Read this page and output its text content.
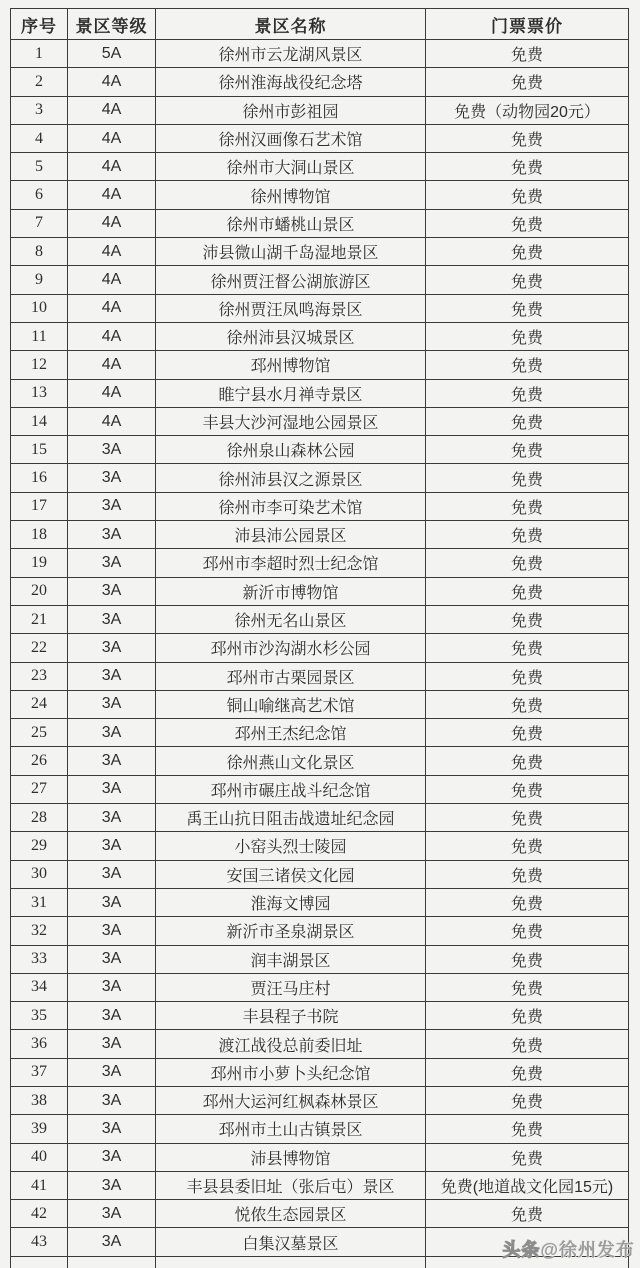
序号	景区等级	景区名称	门票票价
1	5A	徐州市云龙湖风景区	免费
2	4A	徐州淮海战役纪念塔	免费
3	4A	徐州市彭祖园	免费（动物园20元）
4	4A	徐州汉画像石艺术馆	免费
5	4A	徐州市大洞山景区	免费
6	4A	徐州博物馆	免费
7	4A	徐州市蟠桃山景区	免费
8	4A	沛县微山湖千岛湿地景区	免费
9	4A	徐州贾汪督公湖旅游区	免费
10	4A	徐州贾汪凤鸣海景区	免费
11	4A	徐州沛县汉城景区	免费
12	4A	邳州博物馆	免费
13	4A	睢宁县水月禅寺景区	免费
14	4A	丰县大沙河湿地公园景区	免费
15	3A	徐州泉山森林公园	免费
16	3A	徐州沛县汉之源景区	免费
17	3A	徐州市李可染艺术馆	免费
18	3A	沛县沛公园景区	免费
19	3A	邳州市李超时烈士纪念馆	免费
20	3A	新沂市博物馆	免费
21	3A	徐州无名山景区	免费
22	3A	邳州市沙沟湖水杉公园	免费
23	3A	邳州市古栗园景区	免费
24	3A	铜山喻继高艺术馆	免费
25	3A	邳州王杰纪念馆	免费
26	3A	徐州燕山文化景区	免费
27	3A	邳州市碾庄战斗纪念馆	免费
28	3A	禹王山抗日阻击战遗址纪念园	免费
29	3A	小窑头烈士陵园	免费
30	3A	安国三诸侯文化园	免费
31	3A	淮海文博园	免费
32	3A	新沂市圣泉湖景区	免费
33	3A	润丰湖景区	免费
34	3A	贾汪马庄村	免费
35	3A	丰县程子书院	免费
36	3A	渡江战役总前委旧址	免费
37	3A	邳州市小萝卜头纪念馆	免费
38	3A	邳州大运河红枫森林景区	免费
39	3A	邳州市土山古镇景区	免费
40	3A	沛县博物馆	免费
41	3A	丰县县委旧址（张后屯）景区	免费(地道战文化园15元)
42	3A	悦侬生态园景区	免费
43	3A	白集汉墓景区	
				头条@徐州发布
